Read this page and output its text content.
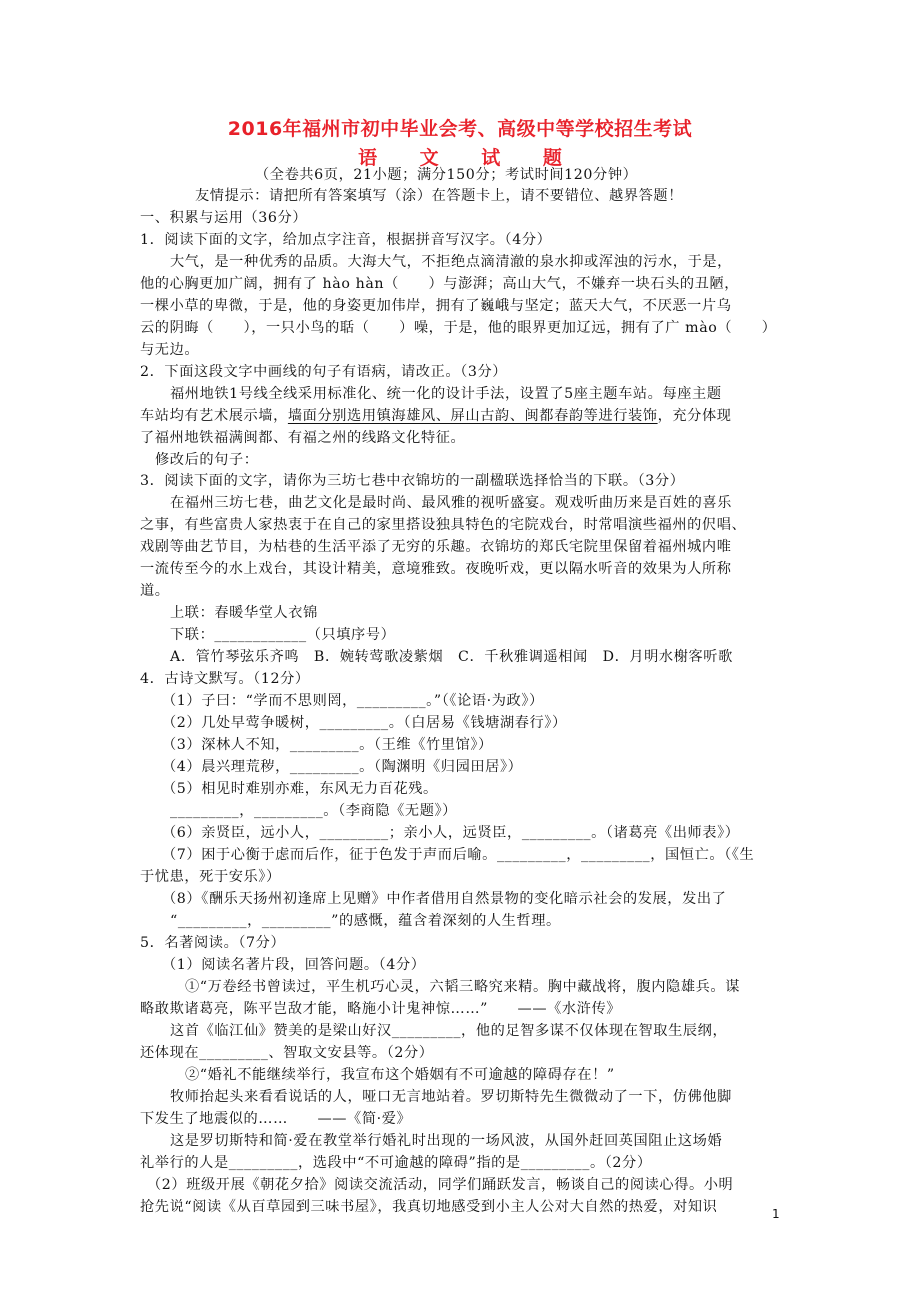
2016年福州市初中毕业会考、高级中等学校招生考试
语 文 试 题
（全卷共6页，21小题；满分150分；考试时间120分钟）
友情提示：请把所有答案填写（涂）在答题卡上，请不要错位、越界答题！
一、积累与运用（36分）
1．阅读下面的文字，给加点字注音，根据拼音写汉字。（4分）
大气，是一种优秀的品质。大海大气，不拒绝点滴清澈的泉水抑或浑浊的污水，于是，
他的心胸更加广阔，拥有了 hào hàn（　　）与澎湃；高山大气，不嫌弃一块石头的丑陋，
一棵小草的卑微，于是，他的身姿更加伟岸，拥有了巍峨与坚定；蓝天大气，不厌恶一片乌
云的阴晦（　　），一只小鸟的聒（　　）噪，于是，他的眼界更加辽远，拥有了广 mào（　　）
与无边。
2．下面这段文字中画线的句子有语病，请改正。（3分）
福州地铁1号线全线采用标准化、统一化的设计手法，设置了5座主题车站。每座主题
车站均有艺术展示墙，墙面分别选用镇海雄风、屏山古韵、闽都春韵等进行装饰，充分体现
了福州地铁福满闽都、有福之州的线路文化特征。
修改后的句子：
3．阅读下面的文字，请你为三坊七巷中衣锦坊的一副楹联选择恰当的下联。（3分）
在福州三坊七巷，曲艺文化是最时尚、最风雅的视听盛宴。观戏听曲历来是百姓的喜乐
之事，有些富贵人家热衷于在自己的家里搭设独具特色的宅院戏台，时常唱演些福州的伬唱、
戏剧等曲艺节目，为枯巷的生活平添了无穷的乐趣。衣锦坊的郑氏宅院里保留着福州城内唯
一流传至今的水上戏台，其设计精美，意境雅致。夜晚听戏，更以隔水听音的效果为人所称
道。
上联：春暖华堂人衣锦
下联：____________（只填序号）
A．管竹琴弦乐齐鸣　B．婉转莺歌凌紫烟　C．千秋雅调遥相闻　D．月明水榭客听歌
4．古诗文默写。（12分）
（1）子曰：“学而不思则罔，_________。”（《论语·为政》）
（2）几处早莺争暖树，_________。（白居易《钱塘湖春行》）
（3）深林人不知，_________。（王维《竹里馆》）
（4）晨兴理荒秽，_________。（陶渊明《归园田居》）
（5）相见时难别亦难，东风无力百花残。
_________，_________。（李商隐《无题》）
（6）亲贤臣，远小人，_________；亲小人，远贤臣，_________。（诸葛亮《出师表》）
（7）困于心衡于虑而后作，征于色发于声而后喻。_________，_________，国恒亡。（《生
于忧患，死于安乐》）
（8）《酬乐天扬州初逢席上见赠》中作者借用自然景物的变化暗示社会的发展，发出了
“_________，_________”的感慨，蕴含着深刻的人生哲理。
5．名著阅读。（7分）
（1）阅读名著片段，回答问题。（4分）
①“万卷经书曾读过，平生机巧心灵，六韬三略究来精。胸中藏战将，腹内隐雄兵。谋
略敢欺诸葛亮，陈平岂敌才能，略施小计鬼神惊……”　　——《水浒传》
这首《临江仙》赞美的是梁山好汉_________，他的足智多谋不仅体现在智取生辰纲，
还体现在_________、智取文安县等。（2分）
②“婚礼不能继续举行，我宣布这个婚姻有不可逾越的障碍存在！”
牧师抬起头来看看说话的人，哑口无言地站着。罗切斯特先生微微动了一下，仿佛他脚
下发生了地震似的……　　——《简·爱》
这是罗切斯特和简·爱在教堂举行婚礼时出现的一场风波，从国外赶回英国阻止这场婚
礼举行的人是_________，选段中“不可逾越的障碍”指的是_________。（2分）
（2）班级开展《朝花夕拾》阅读交流活动，同学们踊跃发言，畅谈自己的阅读心得。小明
抢先说“阅读《从百草园到三味书屋》，我真切地感受到小主人公对大自然的热爱，对知识	1
